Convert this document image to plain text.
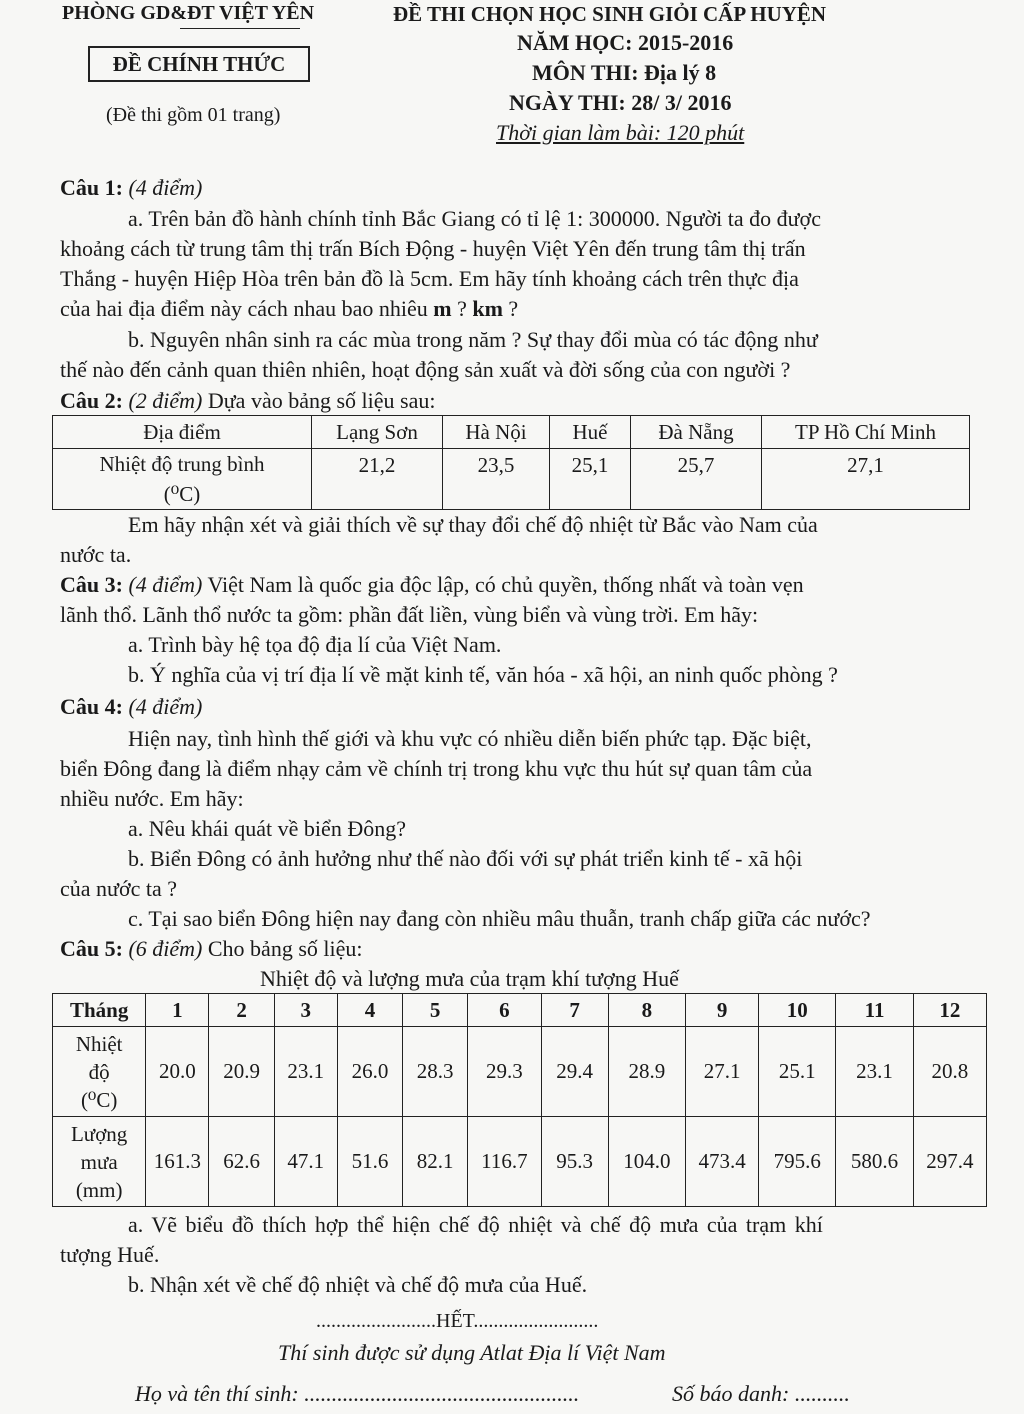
PHÒNG GD&ĐT VIỆT YÊN	ĐỀ THI CHỌN HỌC SINH GIỎI CẤP HUYỆN
ĐỀ CHÍNH THỨC
(Đề thi gồm 01 trang)
NĂM HỌC: 2015-2016
MÔN THI: Địa lý 8
NGÀY THI: 28/ 3/ 2016
Thời gian làm bài: 120 phút
Câu 1: (4 điểm)
a. Trên bản đồ hành chính tỉnh Bắc Giang có tỉ lệ 1: 300000. Người ta đo được
khoảng cách từ trung tâm thị trấn Bích Động - huyện Việt Yên đến trung tâm thị trấn
Thắng - huyện Hiệp Hòa trên bản đồ là 5cm. Em hãy tính khoảng cách trên thực địa
của hai địa điểm này cách nhau bao nhiêu m ? km ?
b. Nguyên nhân sinh ra các mùa trong năm ? Sự thay đổi mùa có tác động như
thế nào đến cảnh quan thiên nhiên, hoạt động sản xuất và đời sống của con người ?
Câu 2: (2 điểm) Dựa vào bảng số liệu sau:
Địa điểm	Lạng Sơn	Hà Nội	Huế	Đà Nẵng	TP Hồ Chí Minh

Nhiệt độ trung bình
(⁰C)	21,2	23,5	25,1	25,7	27,1
Em hãy nhận xét và giải thích về sự thay đổi chế độ nhiệt từ Bắc vào Nam của
nước ta.
Câu 3: (4 điểm) Việt Nam là quốc gia độc lập, có chủ quyền, thống nhất và toàn vẹn
lãnh thổ. Lãnh thổ nước ta gồm: phần đất liền, vùng biển và vùng trời. Em hãy:
a. Trình bày hệ tọa độ địa lí của Việt Nam.
b. Ý nghĩa của vị trí địa lí về mặt kinh tế, văn hóa - xã hội, an ninh quốc phòng ?
Câu 4: (4 điểm)
Hiện nay, tình hình thế giới và khu vực có nhiều diễn biến phức tạp. Đặc biệt,
biển Đông đang là điểm nhạy cảm về chính trị trong khu vực thu hút sự quan tâm của
nhiều nước. Em hãy:
a. Nêu khái quát về biển Đông?
b. Biển Đông có ảnh hưởng như thế nào đối với sự phát triển kinh tế - xã hội
của nước ta ?
c. Tại sao biển Đông hiện nay đang còn nhiều mâu thuẫn, tranh chấp giữa các nước?
Câu 5: (6 điểm) Cho bảng số liệu:
Nhiệt độ và lượng mưa của trạm khí tượng Huế
Tháng	1	2	3	4	5	6	7	8	9	10	11	12

Nhiệt
độ
(⁰C)	20.0	20.9	23.1	26.0	28.3	29.3	29.4	28.9	27.1	25.1	23.1	20.8

Lượng
mưa
(mm)	161.3	62.6	47.1	51.6	82.1	116.7	95.3	104.0	473.4	795.6	580.6	297.4
a. Vẽ biểu đồ thích hợp thể hiện chế độ nhiệt và chế độ mưa của trạm khí
tượng Huế.
b. Nhận xét về chế độ nhiệt và chế độ mưa của Huế.
........................HẾT.........................
Thí sinh được sử dụng Atlat Địa lí Việt Nam
Họ và tên thí sinh: ..................................................	Số báo danh: ..........
